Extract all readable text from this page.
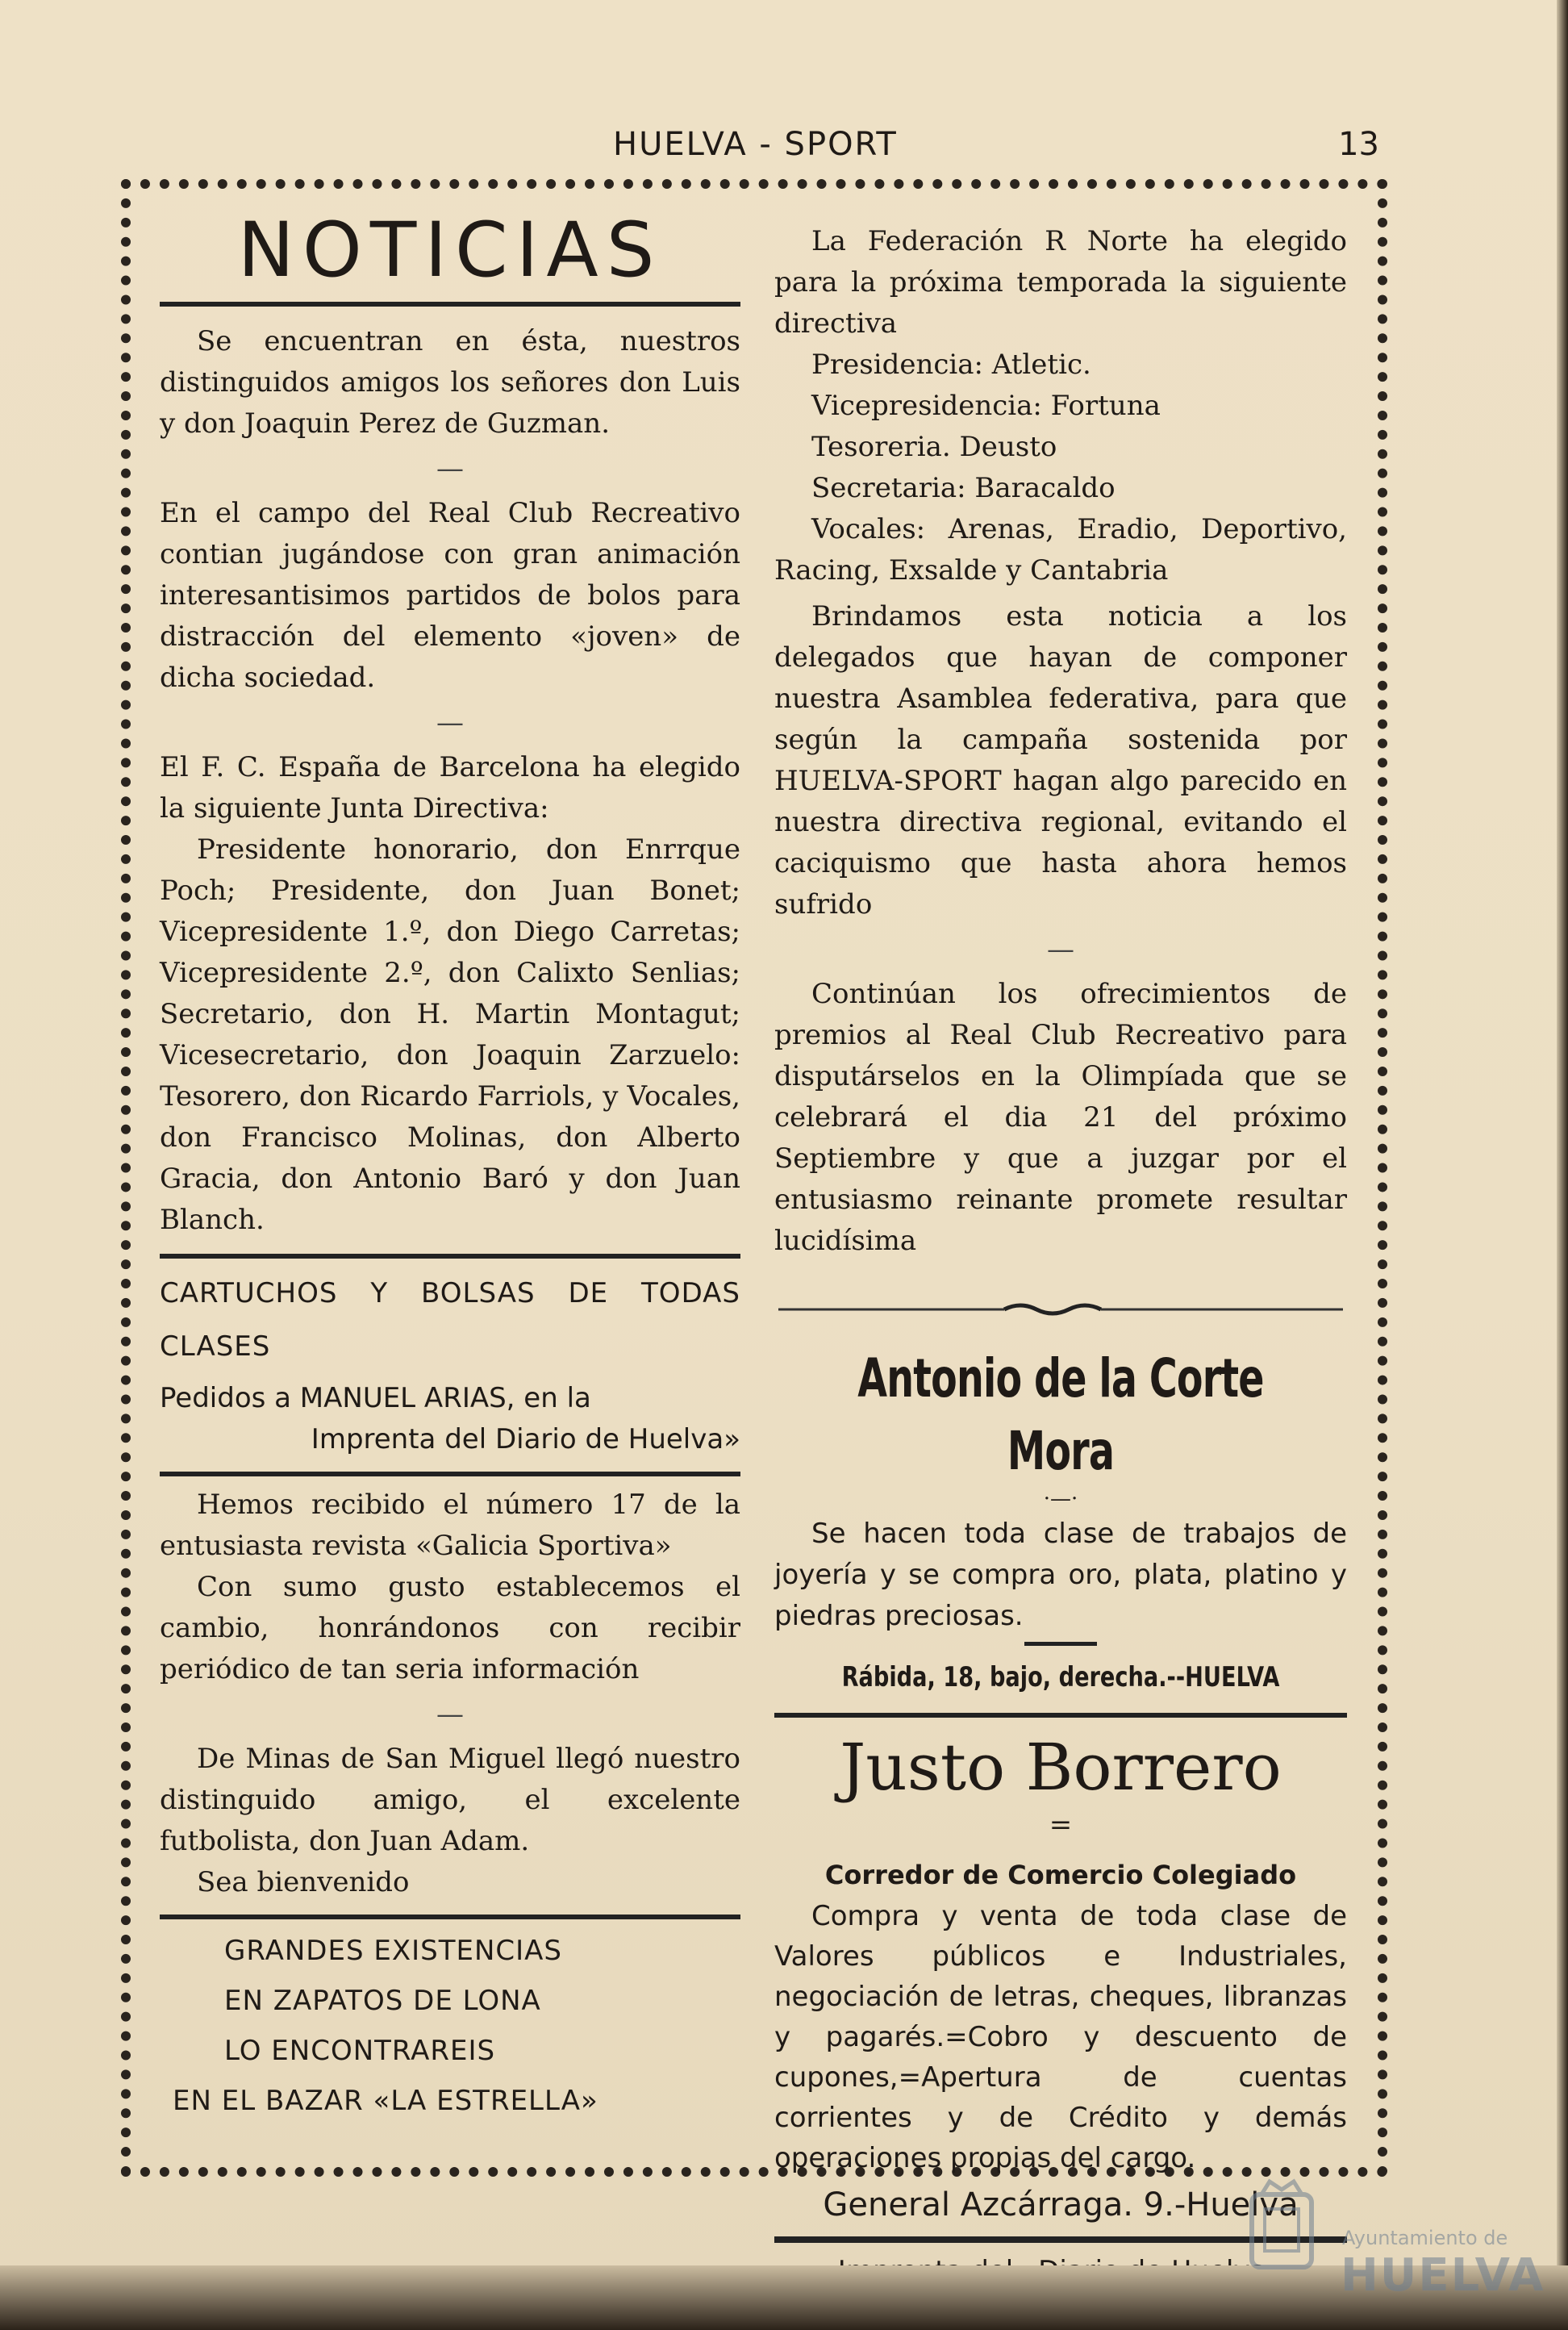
HUELVA - SPORT	13

NOTICIAS

Se encuentran en ésta, nuestros distinguidos amigos los señores don Luis y don Joaquin Perez de Guzman.

—

En el campo del Real Club Recreativo contian jugándose con gran animación interesantisimos partidos de bolos para distracción del elemento «joven» de dicha sociedad.

—

El F. C. España de Barcelona ha elegido la siguiente Junta Directiva:

Presidente honorario, don Enrrque Poch; Presidente, don Juan Bonet; Vicepresidente 1.º, don Diego Carretas; Vicepresidente 2.º, don Calixto Senlias; Secretario, don H. Martin Montagut; Vicesecretario, don Joaquin Zarzuelo: Tesorero, don Ricardo Farriols, y Vocales, don Francisco Molinas, don Alberto Gracia, don Antonio Baró y don Juan Blanch.

CARTUCHOS Y BOLSAS DE TODAS CLASES

Pedidos a MANUEL ARIAS, en la

Imprenta del Diario de Huelva»

Hemos recibido el número 17 de la entusiasta revista «Galicia Sportiva»

Con sumo gusto establecemos el cambio, honrándonos con recibir periódico de tan seria información

—

De Minas de San Miguel llegó nuestro distinguido amigo, el excelente futbolista, don Juan Adam.

Sea bienvenido

GRANDES EXISTENCIAS

EN ZAPATOS DE LONA

LO ENCONTRAREIS

EN EL BAZAR «LA ESTRELLA»

La Federación R Norte ha elegido para la próxima temporada la siguiente directiva

Presidencia: Atletic.

Vicepresidencia: Fortuna

Tesoreria. Deusto

Secretaria: Baracaldo

Vocales: Arenas, Eradio, Deportivo, Racing, Exsalde y Cantabria

Brindamos esta noticia a los delegados que hayan de componer nuestra Asamblea federativa, para que según la campaña sostenida por HUELVA-SPORT hagan algo parecido en nuestra directiva regional, evitando el caciquismo que hasta ahora hemos sufrido

—

Continúan los ofrecimientos de premios al Real Club Recreativo para disputárselos en la Olimpíada que se celebrará el dia 21 del próximo Septiembre y que a juzgar por el entusiasmo reinante promete resultar lucidísima

Antonio de la Corte Mora

·—·

Se hacen toda clase de trabajos de joyería y se compra oro, plata, platino y piedras preciosas.

Rábida, 18, bajo, derecha.--HUELVA

Justo Borrero

=

Corredor de Comercio Colegiado

Compra y venta de toda clase de Valores públicos e Industriales, negociación de letras, cheques, libranzas y pagarés.=Cobro y descuento de cupones,=Apertura de cuentas corrientes y de Crédito y demás operaciones propias del cargo.

General Azcárraga. 9.-Huelva

Ayuntamiento de
HUELVA
